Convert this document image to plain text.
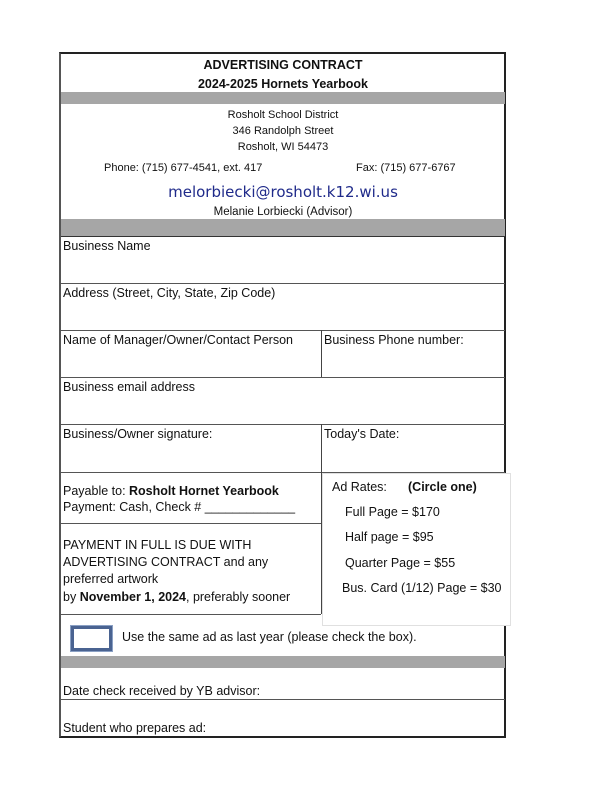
ADVERTISING CONTRACT
2024-2025 Hornets Yearbook
Rosholt School District
346 Randolph Street
Rosholt, WI 54473
Phone: (715) 677-4541, ext. 417	Fax: (715) 677-6767
melorbiecki@rosholt.k12.wi.us
Melanie Lorbiecki (Advisor)
Business Name
Address (Street, City, State, Zip Code)
Name of Manager/Owner/Contact Person Business Phone number:
Business email address
Business/Owner signature:	Today's Date:
Payable to: Rosholt Hornet Yearbook
Payment: Cash, Check # _____________
PAYMENT IN FULL IS DUE WITH
ADVERTISING CONTRACT and any
preferred artwork
by November 1, 2024, preferably sooner
Ad Rates: (Circle one)
Full Page = $170
Half page = $95
Quarter Page = $55
Bus. Card (1/12) Page = $30
Use the same ad as last year (please check the box).
Date check received by YB advisor:
Student who prepares ad:
